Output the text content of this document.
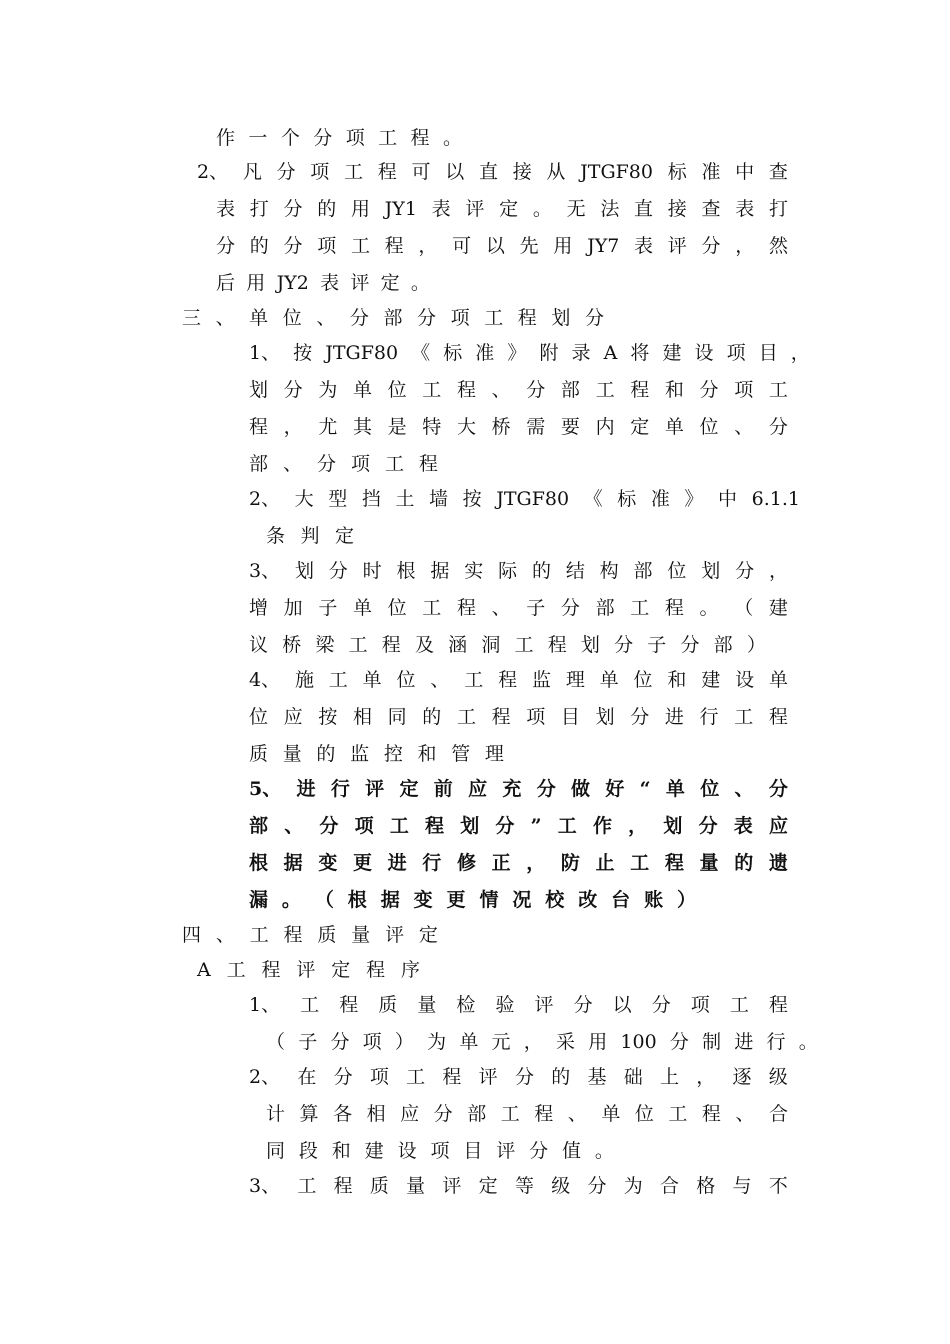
作 一 个 分 项 工 程 。
2、 凡 分 项 工 程 可 以 直 接 从 JTGF80 标 准 中 查
表 打 分 的 用 JY1 表 评 定 。 无 法 直 接 查 表 打
分 的 分 项 工 程 ， 可 以 先 用 JY7 表 评 分 ， 然
后 用 JY2 表 评 定 。
三 、 单 位 、 分 部 分 项 工 程 划 分
1、 按 JTGF80 《 标 准 》 附 录 A 将 建 设 项 目 ，
划 分 为 单 位 工 程 、 分 部 工 程 和 分 项 工
程 ， 尤 其 是 特 大 桥 需 要 内 定 单 位 、 分
部 、 分 项 工 程
2、 大 型 挡 土 墙 按 JTGF80 《 标 准 》 中 6.1.1
条 判 定
3、 划 分 时 根 据 实 际 的 结 构 部 位 划 分 ，
增 加 子 单 位 工 程 、 子 分 部 工 程 。 （ 建
议 桥 梁 工 程 及 涵 洞 工 程 划 分 子 分 部 ）
4、 施 工 单 位 、 工 程 监 理 单 位 和 建 设 单
位 应 按 相 同 的 工 程 项 目 划 分 进 行 工 程
质 量 的 监 控 和 管 理
5、 进 行 评 定 前 应 充 分 做 好 “ 单 位 、 分
部 、 分 项 工 程 划 分 ” 工 作 ， 划 分 表 应
根 据 变 更 进 行 修 正 ， 防 止 工 程 量 的 遗
漏 。 （ 根 据 变 更 情 况 校 改 台 账 ）
四 、 工 程 质 量 评 定
A 工 程 评 定 程 序
1、 工 程 质 量 检 验 评 分 以 分 项 工 程
（ 子 分 项 ） 为 单 元 ， 采 用 100 分 制 进 行 。
2、 在 分 项 工 程 评 分 的 基 础 上 ， 逐 级
计 算 各 相 应 分 部 工 程 、 单 位 工 程 、 合
同 段 和 建 设 项 目 评 分 值 。
3、 工 程 质 量 评 定 等 级 分 为 合 格 与 不
